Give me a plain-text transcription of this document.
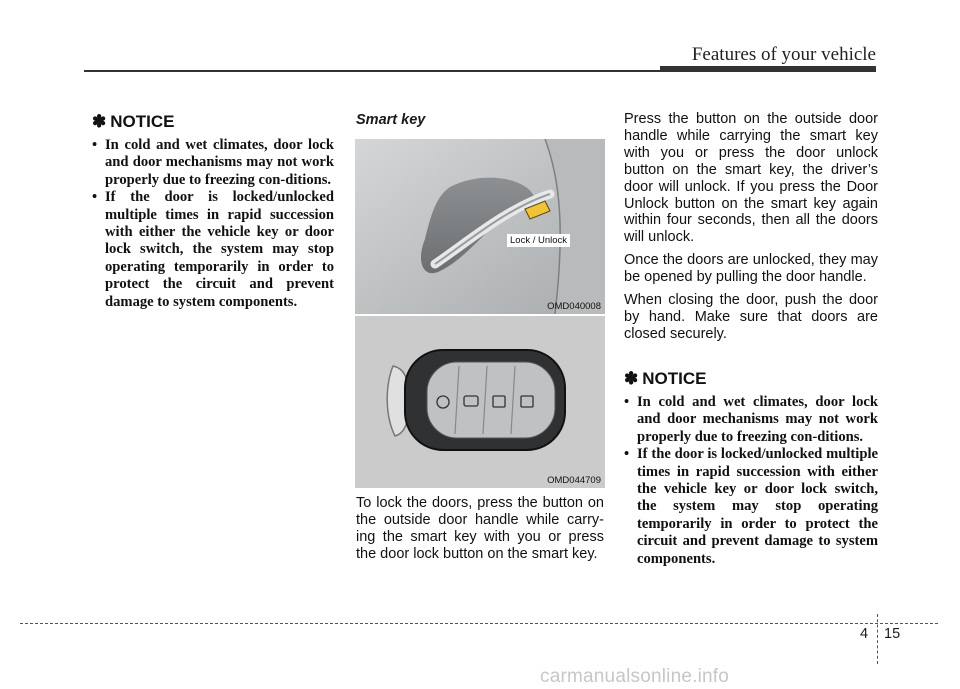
Features of your vehicle
✽ NOTICE
• In cold and wet climates, door lock and door mechanisms may not work properly due to freezing con-ditions.
• If the door is locked/unlocked multiple times in rapid succession with either the vehicle key or door lock switch, the system may stop operating temporarily in order to protect the circuit and prevent damage to system components.
Smart key
Lock / Unlock
OMD040008
OMD044709

To lock the doors, press the button on the outside door handle while carry-ing the smart key with you or press the door lock button on the smart key.

Press the button on the outside door handle while carrying the smart key with you or press the door unlock button on the smart key, the driver’s door will unlock. If you press the Door Unlock button on the smart key again within four seconds, then all the doors will unlock.

Once the doors are unlocked, they may be opened by pulling the door handle.

When closing the door, push the door by hand. Make sure that doors are closed securely.

✽ NOTICE
• In cold and wet climates, door lock and door mechanisms may not work properly due to freezing con-ditions.
• If the door is locked/unlocked multiple times in rapid succession with either the vehicle key or door lock switch, the system may stop operating temporarily in order to protect the circuit and prevent damage to system components.
4 15
carmanualsonline.info
